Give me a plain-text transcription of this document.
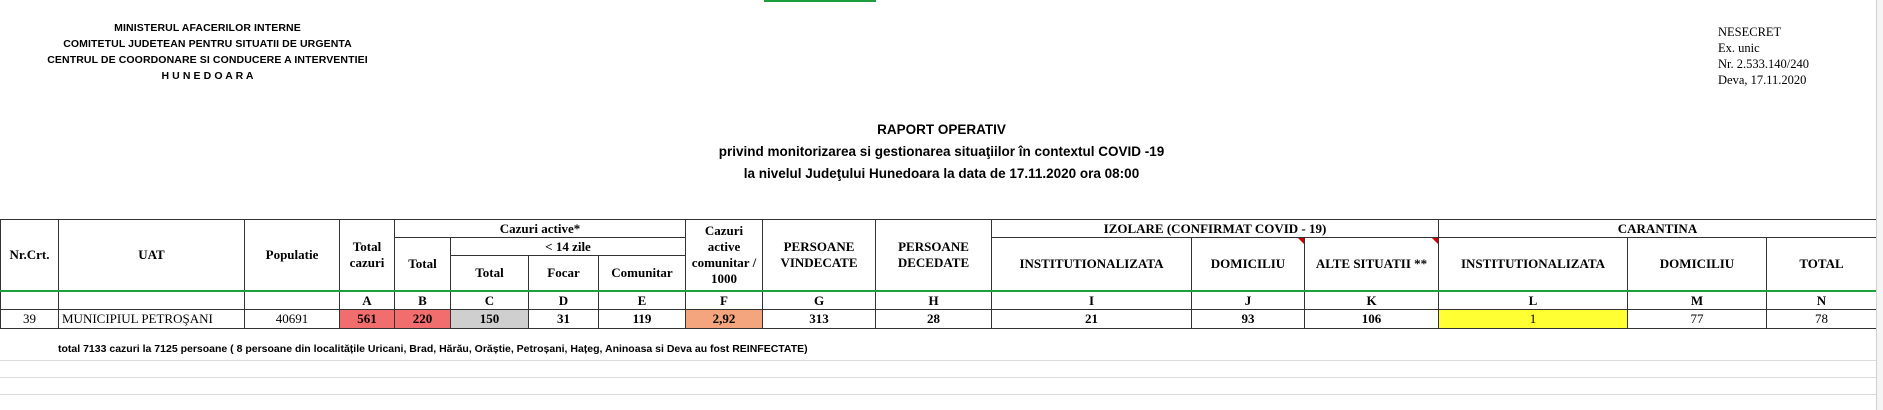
MINISTERUL AFACERILOR INTERNE
COMITETUL JUDETEAN PENTRU SITUATII DE URGENTA
CENTRUL DE COORDONARE SI CONDUCERE A INTERVENTIEI
H U N E D O A R A
NESECRET
Ex. unic
Nr. 2.533.140/240
Deva, 17.11.2020
RAPORT OPERATIV
privind monitorizarea si gestionarea situaţiilor în contextul COVID -19
la nivelul Judeţului Hunedoara la data de 17.11.2020 ora 08:00
Nr.Crt.	UAT	Populatie	Total cazuri	Cazuri active*				Cazuri active comunitar / 1000	PERSOANE VINDECATE	PERSOANE DECEDATE	IZOLARE (CONFIRMAT COVID - 19)			CARANTINA		
				Total	< 14 zile						INSTITUTIONALIZATA	DOMICILIU	ALTE SITUATII **	INSTITUTIONALIZATA	DOMICILIU	TOTAL
					Total	Focar	Comunitar									
			A	B	C	D	E	F	G	H	I	J	K	L	M	N
39	MUNICIPIUL PETROŞANI	40691	561	220	150	31	119	2,92	313	28	21	93	106	1	77	78
total 7133 cazuri la 7125 persoane ( 8 persoane din localitățile Uricani, Brad, Hărău, Orăștie, Petroșani, Hațeg, Aninoasa si Deva au fost REINFECTATE)
